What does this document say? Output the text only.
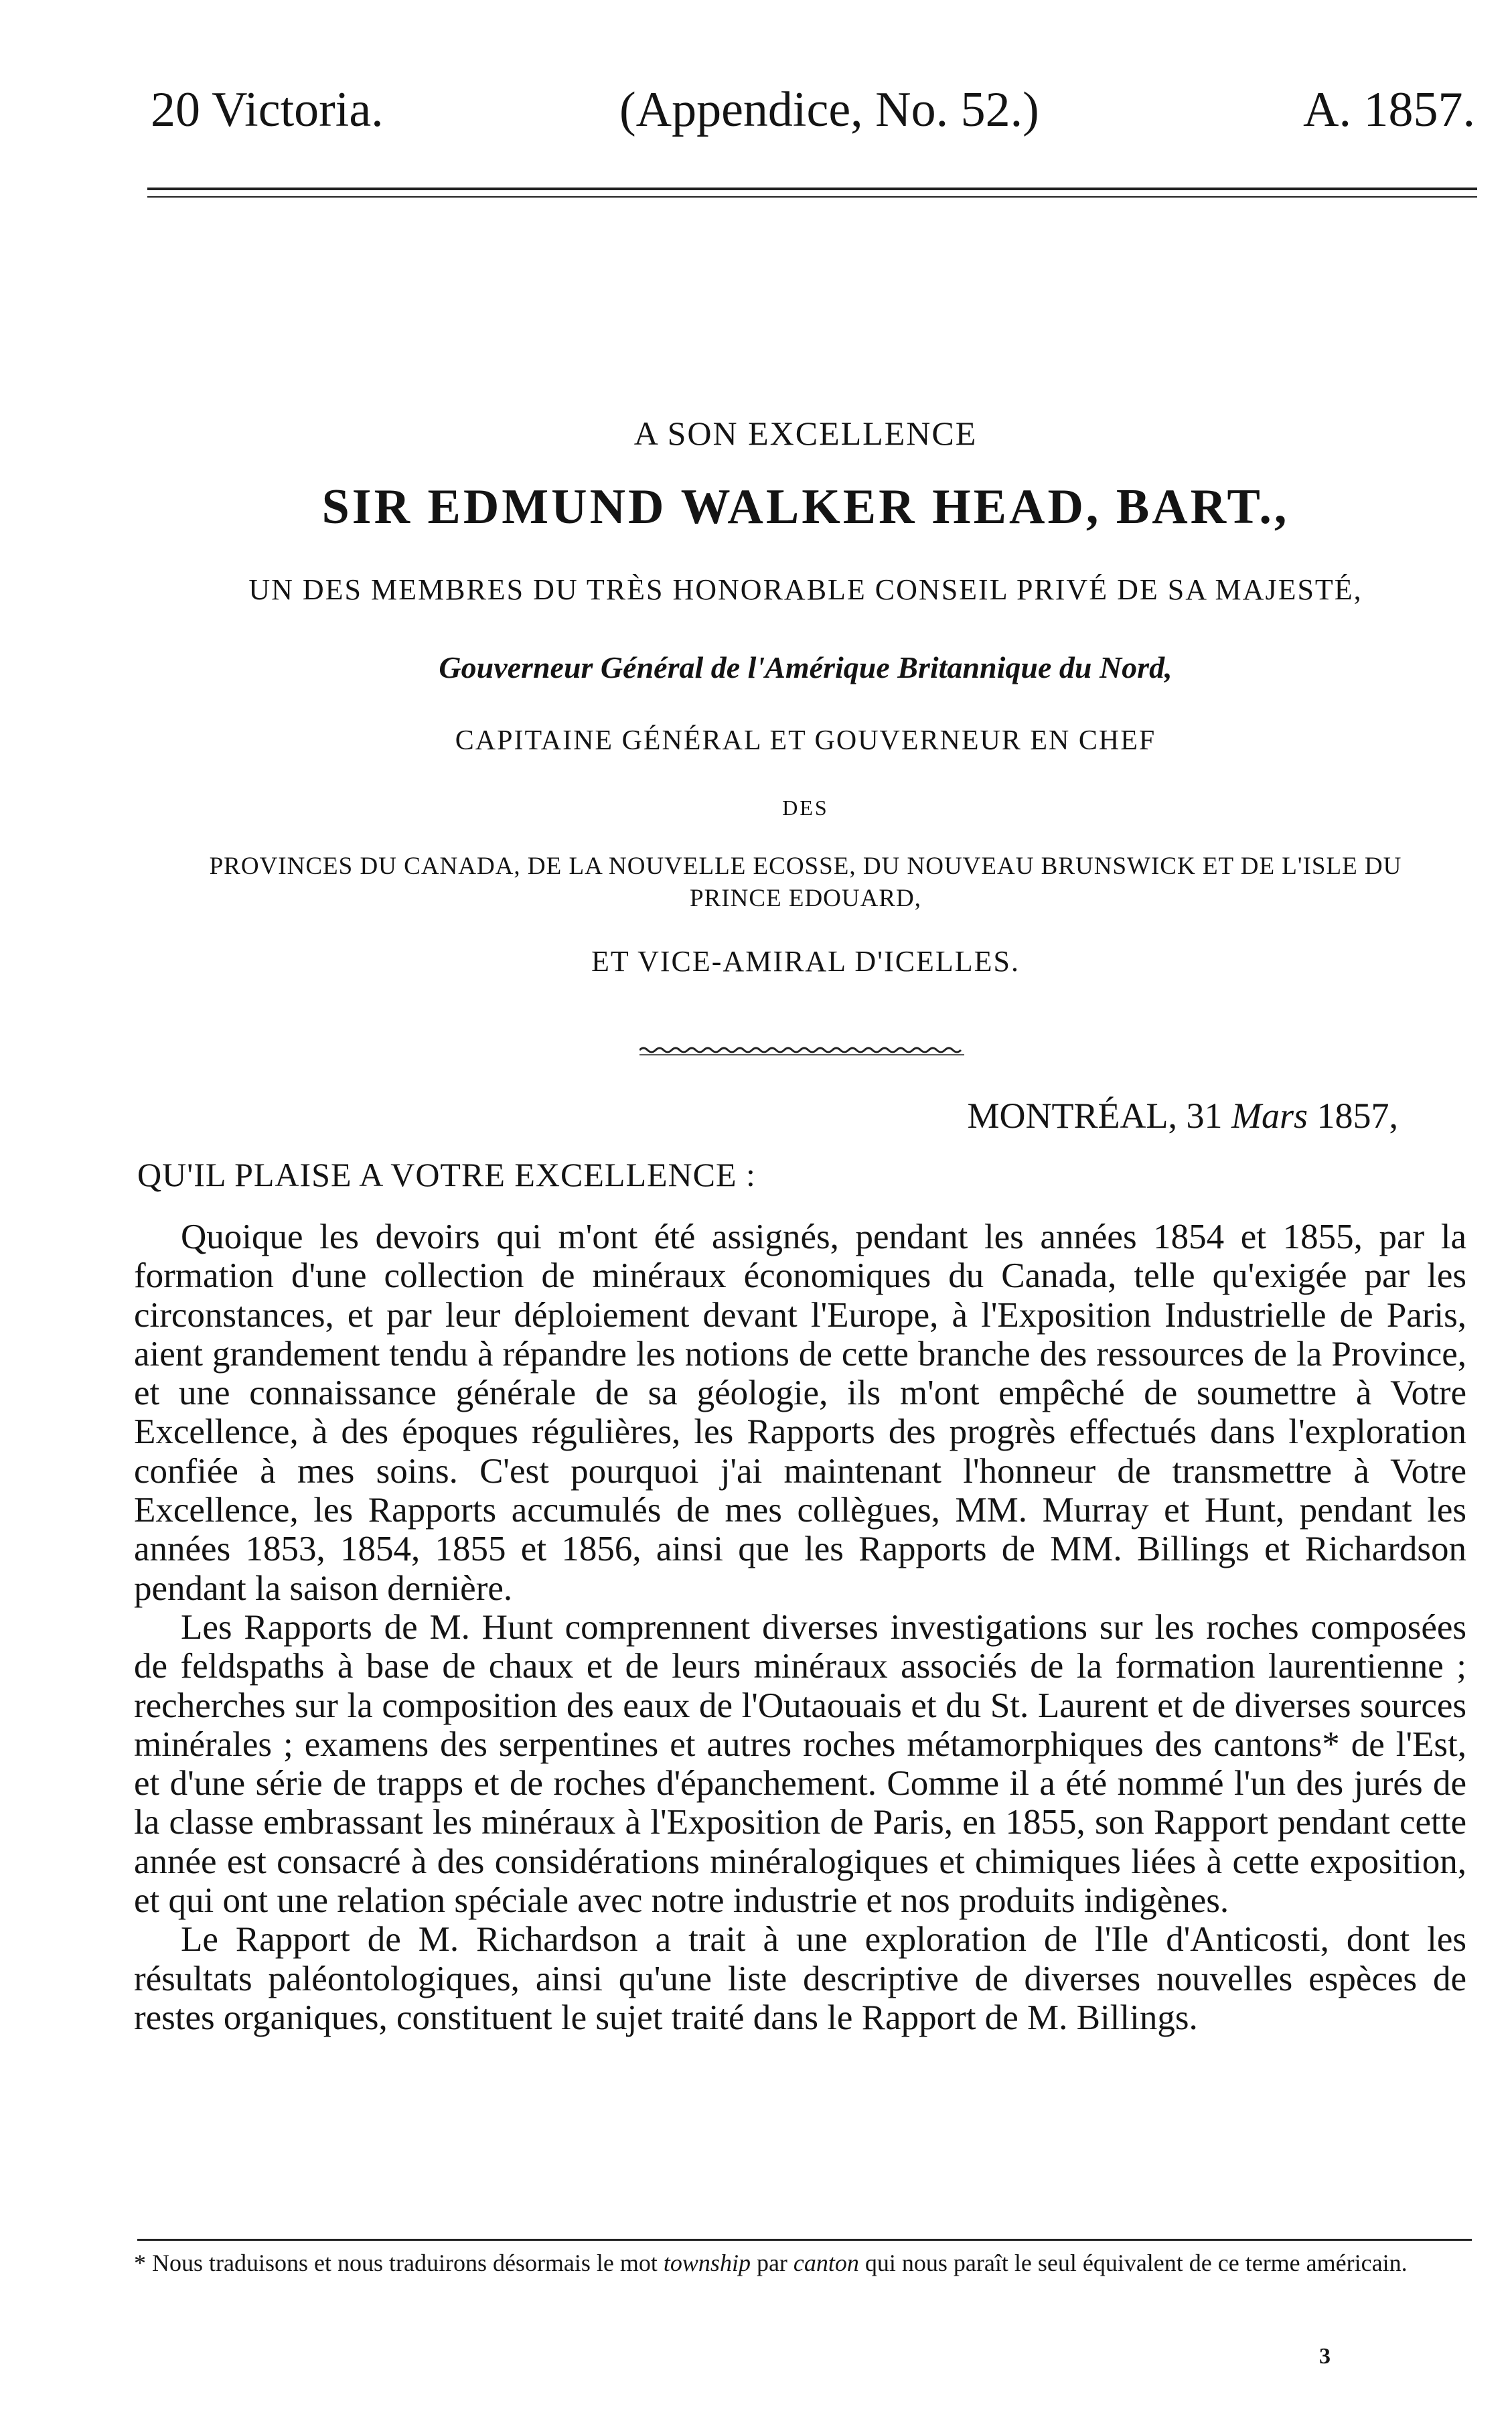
20 Victoria.	(Appendice, No. 52.)	A. 1857.
A SON EXCELLENCE
SIR EDMUND WALKER HEAD, BART.,
UN DES MEMBRES DU TRÈS HONORABLE CONSEIL PRIVÉ DE SA MAJESTÉ,
Gouverneur Général de l'Amérique Britannique du Nord,
CAPITAINE GÉNÉRAL ET GOUVERNEUR EN CHEF
DES
PROVINCES DU CANADA, DE LA NOUVELLE ECOSSE, DU NOUVEAU BRUNSWICK ET DE L'ISLE DU
PRINCE EDOUARD,
ET VICE-AMIRAL D'ICELLES.
MONTRÉAL, 31 Mars 1857,
QU'IL PLAISE A VOTRE EXCELLENCE :

Quoique les devoirs qui m'ont été assignés, pendant les années 1854 et 1855, par la formation d'une collection de minéraux économiques du Canada, telle qu'exigée par les circonstances, et par leur déploiement devant l'Europe, à l'Exposition Industrielle de Paris, aient grandement tendu à répandre les notions de cette branche des ressources de la Province, et une connaissance générale de sa géologie, ils m'ont empêché de soumettre à Votre Excellence, à des époques régulières, les Rapports des progrès effectués dans l'exploration confiée à mes soins. C'est pourquoi j'ai maintenant l'honneur de transmettre à Votre Excellence, les Rapports accumulés de mes collègues, MM. Murray et Hunt, pendant les années 1853, 1854, 1855 et 1856, ainsi que les Rapports de MM. Billings et Richardson pendant la saison dernière.

Les Rapports de M. Hunt comprennent diverses investigations sur les roches composées de feldspaths à base de chaux et de leurs minéraux associés de la formation laurentienne ; recherches sur la composition des eaux de l'Outaouais et du St. Laurent et de diverses sources minérales ; examens des serpentines et autres roches métamorphiques des cantons* de l'Est, et d'une série de trapps et de roches d'épanchement. Comme il a été nommé l'un des jurés de la classe embrassant les minéraux à l'Exposition de Paris, en 1855, son Rapport pendant cette année est consacré à des considérations minéralogiques et chimiques liées à cette exposition, et qui ont une relation spéciale avec notre industrie et nos produits indigènes.

Le Rapport de M. Richardson a trait à une exploration de l'Ile d'Anticosti, dont les résultats paléontologiques, ainsi qu'une liste descriptive de diverses nouvelles espèces de restes organiques, constituent le sujet traité dans le Rapport de M. Billings.

* Nous traduisons et nous traduirons désormais le mot township par canton qui nous paraît le seul équivalent de ce terme américain.
3
